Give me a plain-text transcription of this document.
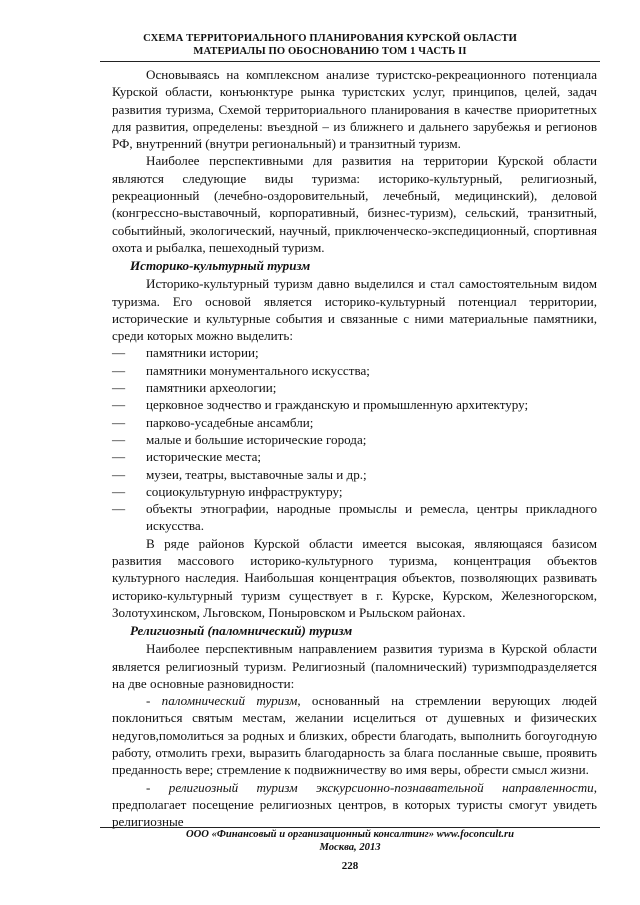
СХЕМА ТЕРРИТОРИАЛЬНОГО ПЛАНИРОВАНИЯ КУРСКОЙ ОБЛАСТИ
МАТЕРИАЛЫ ПО ОБОСНОВАНИЮ ТОМ 1 ЧАСТЬ II

Основываясь на комплексном анализе туристско-рекреационного потенциала Курской области, конъюнктуре рынка туристских услуг, принципов, целей, задач развития туризма, Схемой территориального планирования в качестве приоритетных для развития, определены: въездной – из ближнего и дальнего зарубежья и регионов РФ, внутренний (внутри региональный) и транзитный туризм.

Наиболее перспективными для развития на территории Курской области являются следующие виды туризма: историко-культурный, религиозный, рекреационный (лечебно-оздоровительный, лечебный, медицинский), деловой (конгрессно-выставочный, корпоративный, бизнес-туризм), сельский, транзитный, событийный, экологический, научный, приключенческо-экспедиционный, спортивная охота и рыбалка, пешеходный туризм.

Историко-культурный туризм

Историко-культурный туризм давно выделился и стал самостоятельным видом туризма. Его основой является историко-культурный потенциал территории, исторические и культурные события и связанные с ними материальные памятники, среди которых можно выделить:

— памятники истории;
— памятники монументального искусства;
— памятники археологии;
— церковное зодчество и гражданскую и промышленную архитектуру;
— парково-усадебные ансамбли;
— малые и большие исторические города;
— исторические места;
— музеи, театры, выставочные залы и др.;
— социокультурную инфраструктуру;
— объекты этнографии, народные промыслы и ремесла, центры прикладного искусства.

В ряде районов Курской области имеется высокая, являющаяся базисом развития массового историко-культурного туризма, концентрация объектов культурного наследия. Наибольшая концентрация объектов, позволяющих развивать историко-культурный туризм существует в г. Курске, Курском, Железногорском, Золотухинском, Льговском, Поныровском и Рыльском районах.

Религиозный (паломнический) туризм

Наиболее перспективным направлением развития туризма в Курской области является религиозный туризм. Религиозный (паломнический) туризмподразделяется на две основные разновидности:

- паломнический туризм, основанный на стремлении верующих людей поклониться святым местам, желании исцелиться от душевных и физических недугов,помолиться за родных и близких, обрести благодать, выполнить богоугодную работу, отмолить грехи, выразить благодарность за блага посланные свыше, проявить преданность вере; стремление к подвижничеству во имя веры, обрести смысл жизни.

- религиозный туризм экскурсионно-познавательной направленности, предполагает посещение религиозных центров, в которых туристы смогут увидеть религиозные

ООО «Финансовый и организационный консалтинг» www.foconcult.ru
Москва, 2013
228
